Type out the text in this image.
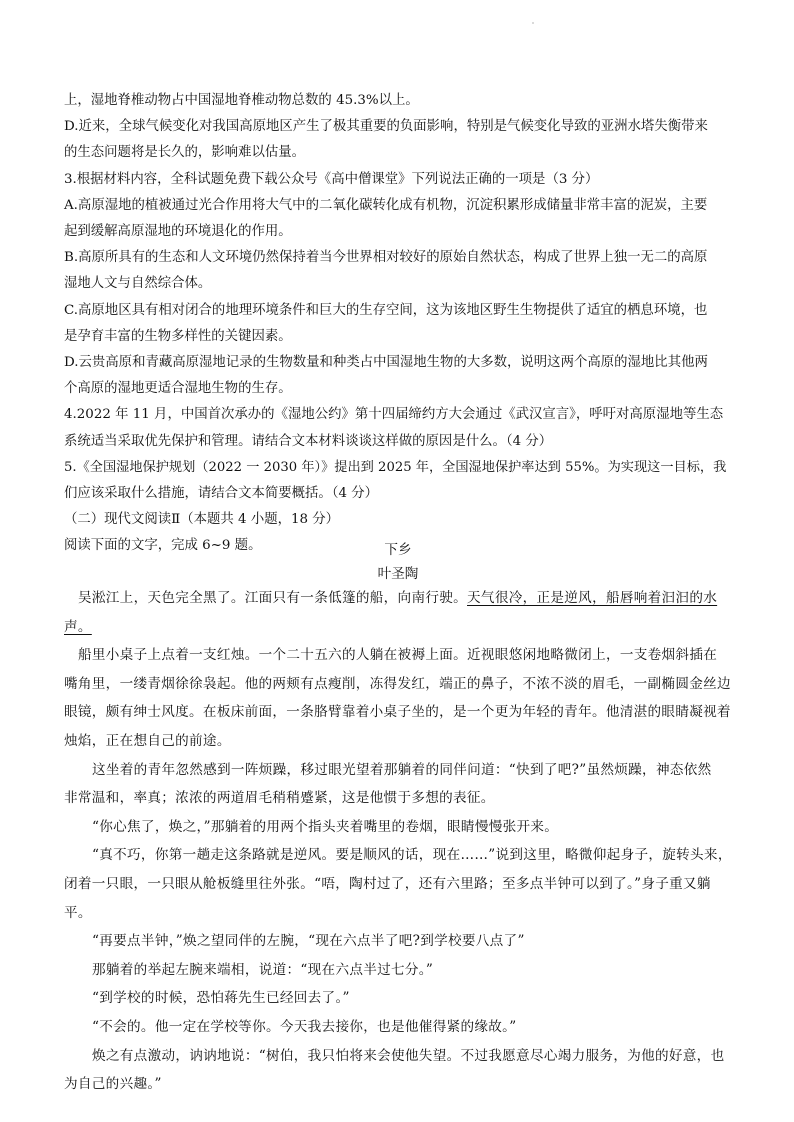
上，湿地脊椎动物占中国湿地脊椎动物总数的 45.3%以上。
D.近来，全球气候变化对我国高原地区产生了极其重要的负面影响，特别是气候变化导致的亚洲水塔失衡带来
的生态问题将是长久的，影响难以估量。
3.根据材料内容，全科试题免费下载公众号《高中僧课堂》下列说法正确的一项是（3 分）
A.高原湿地的植被通过光合作用将大气中的二氧化碳转化成有机物，沉淀积累形成储量非常丰富的泥炭，主要
起到缓解高原湿地的环境退化的作用。
B.高原所具有的生态和人文环境仍然保持着当今世界相对较好的原始自然状态，构成了世界上独一无二的高原
湿地人文与自然综合体。
C.高原地区具有相对闭合的地理环境条件和巨大的生存空间，这为该地区野生生物提供了适宜的栖息环境，也
是孕育丰富的生物多样性的关键因素。
D.云贵高原和青藏高原湿地记录的生物数量和种类占中国湿地生物的大多数，说明这两个高原的湿地比其他两
个高原的湿地更适合湿地生物的生存。
4.2022 年 11 月，中国首次承办的《湿地公约》第十四届缔约方大会通过《武汉宣言》，呼吁对高原湿地等生态
系统适当采取优先保护和管理。请结合文本材料谈谈这样做的原因是什么。（4 分）
5.《全国湿地保护规划（2022 一 2030 年）》提出到 2025 年，全国湿地保护率达到 55%。为实现这一目标，我
们应该采取什么措施，请结合文本简要概括。（4 分）
（二）现代文阅读Ⅱ（本题共 4 小题，18 分）
阅读下面的文字，完成 6~9 题。	下乡
叶圣陶
吴淞江上，天色完全黑了。江面只有一条低篷的船，向南行驶。天气很冷，正是逆风，船唇响着汩汩的水
声。
船里小桌子上点着一支红烛。一个二十五六的人躺在被褥上面。近视眼悠闲地略微闭上，一支卷烟斜插在
嘴角里，一缕青烟徐徐袅起。他的两颊有点瘦削，冻得发红，端正的鼻子，不浓不淡的眉毛，一副椭圆金丝边
眼镜，颇有绅士风度。在板床前面，一条胳臂靠着小桌子坐的，是一个更为年轻的青年。他清湛的眼睛凝视着
烛焰，正在想自己的前途。
这坐着的青年忽然感到一阵烦躁，移过眼光望着那躺着的同伴问道：“快到了吧?”虽然烦躁，神态依然
非常温和，率真；浓浓的两道眉毛稍稍蹙紧，这是他惯于多想的表征。
“你心焦了，焕之，”那躺着的用两个指头夹着嘴里的卷烟，眼睛慢慢张开来。
“真不巧，你第一趟走这条路就是逆风。要是顺风的话，现在……”说到这里，略微仰起身子，旋转头来，
闭着一只眼，一只眼从舱板缝里往外张。“唔，陶村过了，还有六里路；至多点半钟可以到了。”身子重又躺
平。
“再要点半钟，”焕之望同伴的左腕，“现在六点半了吧?到学校要八点了”
那躺着的举起左腕来端相，说道：“现在六点半过七分。”
“到学校的时候，恐怕蒋先生已经回去了。”
“不会的。他一定在学校等你。今天我去接你，也是他催得紧的缘故。”
焕之有点激动，讷讷地说：“树伯，我只怕将来会使他失望。不过我愿意尽心竭力服务，为他的好意，也
为自己的兴趣。”
